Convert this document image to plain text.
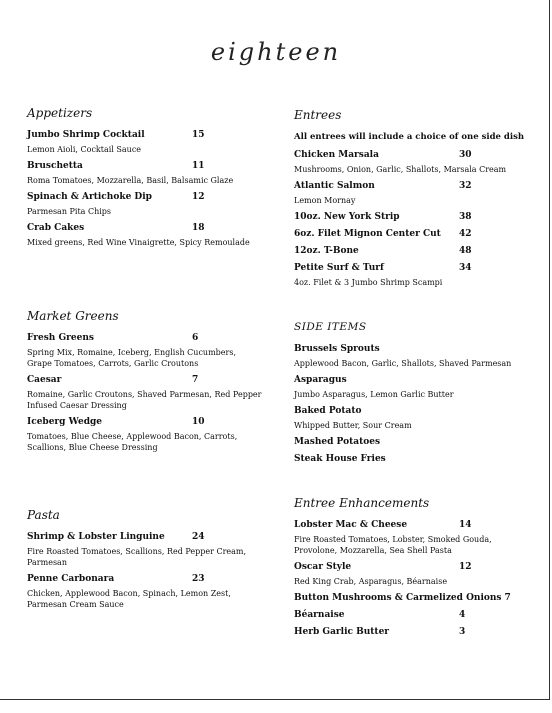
eighteen
Appetizers
Jumbo Shrimp Cocktail	15
Lemon Aioli, Cocktail Sauce
Bruschetta	11
Roma Tomatoes, Mozzarella, Basil, Balsamic Glaze
Spinach & Artichoke Dip	12
Parmesan Pita Chips
Crab Cakes	18
Mixed greens, Red Wine Vinaigrette, Spicy Remoulade
Market Greens
Fresh Greens	6
Spring Mix, Romaine, Iceberg, English Cucumbers, Grape Tomatoes, Carrots, Garlic Croutons
Caesar	7
Romaine, Garlic Croutons, Shaved Parmesan, Red Pepper Infused Caesar Dressing
Iceberg Wedge	10
Tomatoes, Blue Cheese, Applewood Bacon, Carrots, Scallions, Blue Cheese Dressing
Pasta
Shrimp & Lobster Linguine	24
Fire Roasted Tomatoes, Scallions, Red Pepper Cream, Parmesan
Penne Carbonara	23
Chicken, Applewood Bacon, Spinach, Lemon Zest, Parmesan Cream Sauce
Entrees
All entrees will include a choice of one side dish
Chicken Marsala	30
Mushrooms, Onion, Garlic, Shallots, Marsala Cream
Atlantic Salmon	32
Lemon Mornay
10oz. New York Strip	38
6oz. Filet Mignon Center Cut	42
12oz. T-Bone	48
Petite Surf & Turf	34
4oz. Filet & 3 Jumbo Shrimp Scampi
SIDE ITEMS
Brussels Sprouts
Applewood Bacon, Garlic, Shallots, Shaved Parmesan
Asparagus
Jumbo Asparagus, Lemon Garlic Butter
Baked Potato
Whipped Butter, Sour Cream
Mashed Potatoes
Steak House Fries
Entree Enhancements
Lobster Mac & Cheese	14
Fire Roasted Tomatoes, Lobster, Smoked Gouda, Provolone, Mozzarella, Sea Shell Pasta
Oscar Style	12
Red King Crab, Asparagus, Béarnaise
Button Mushrooms & Carmelized Onions 7
Béarnaise	4
Herb Garlic Butter	3
